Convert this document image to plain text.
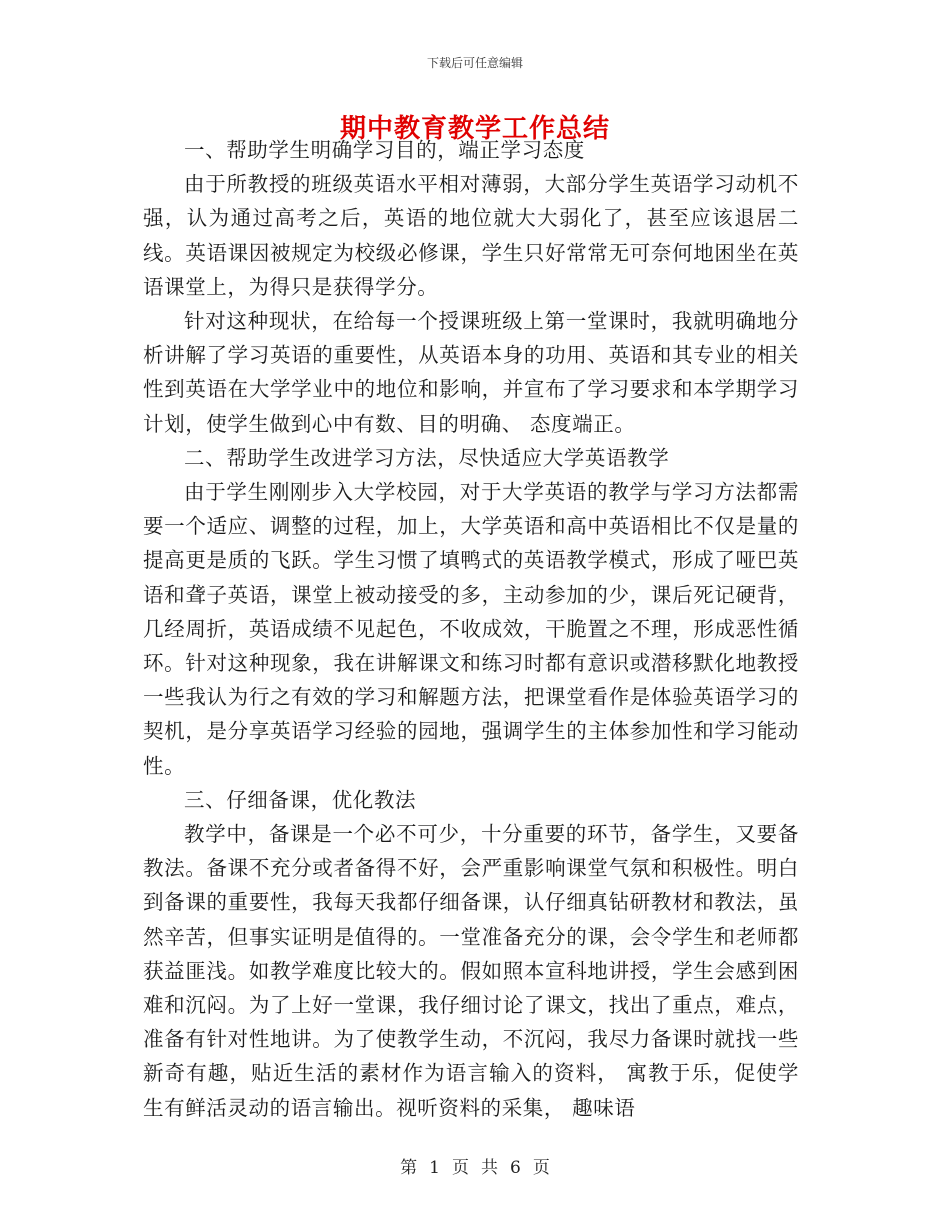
下载后可任意编辑
期中教育教学工作总结

一、帮助学生明确学习目的，端正学习态度

由于所教授的班级英语水平相对薄弱，大部分学生英语学习动机不强，认为通过高考之后，英语的地位就大大弱化了，甚至应该退居二线。英语课因被规定为校级必修课，学生只好常常无可奈何地困坐在英语课堂上，为得只是获得学分。

针对这种现状，在给每一个授课班级上第一堂课时，我就明确地分析讲解了学习英语的重要性，从英语本身的功用、英语和其专业的相关性到英语在大学学业中的地位和影响，并宣布了学习要求和本学期学习计划，使学生做到心中有数、目的明确、 态度端正。

二、帮助学生改进学习方法，尽快适应大学英语教学

由于学生刚刚步入大学校园，对于大学英语的教学与学习方法都需要一个适应、调整的过程，加上，大学英语和高中英语相比不仅是量的提高更是质的飞跃。学生习惯了填鸭式的英语教学模式，形成了哑巴英语和聋子英语，课堂上被动接受的多，主动参加的少，课后死记硬背，几经周折，英语成绩不见起色，不收成效，干脆置之不理，形成恶性循环。针对这种现象，我在讲解课文和练习时都有意识或潜移默化地教授一些我认为行之有效的学习和解题方法，把课堂看作是体验英语学习的契机，是分享英语学习经验的园地，强调学生的主体参加性和学习能动性。

三、仔细备课，优化教法

教学中，备课是一个必不可少，十分重要的环节，备学生，又要备教法。备课不充分或者备得不好，会严重影响课堂气氛和积极性。明白到备课的重要性，我每天我都仔细备课，认仔细真钻研教材和教法，虽然辛苦，但事实证明是值得的。一堂准备充分的课，会令学生和老师都获益匪浅。如教学难度比较大的。假如照本宣科地讲授，学生会感到困难和沉闷。为了上好一堂课，我仔细讨论了课文，找出了重点，难点，准备有针对性地讲。为了使教学生动，不沉闷，我尽力备课时就找一些新奇有趣，贴近生活的素材作为语言输入的资料， 寓教于乐，促使学生有鲜活灵动的语言输出。视听资料的采集， 趣味语

第 1 页 共 6 页
